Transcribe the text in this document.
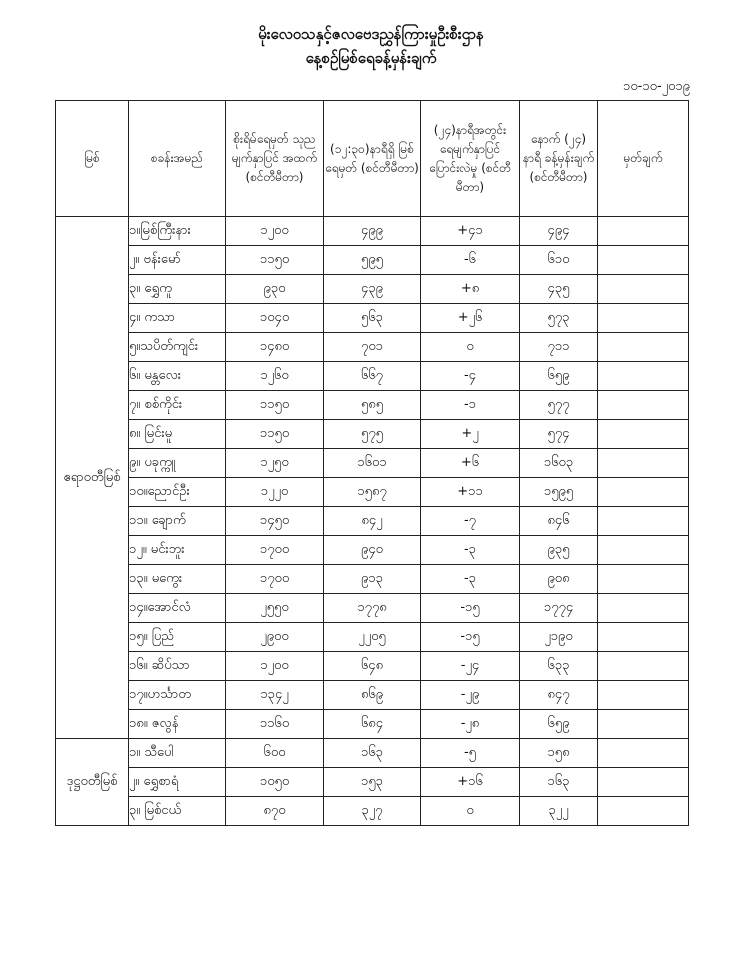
မိုးလေဝသနှင့်ဇလဗေဒညွှန်ကြားမှုဦးစီးဌာန
နေ့စဉ်မြစ်ရေခန့်မှန်းချက်
၁၀-၁၀-၂၀၁၉
မြစ်	စခန်းအမည်	စိုးရိမ်ရေမှတ် သုညမျက်နှာပြင် အထက် (စင်တီမီတာ)	(၁၂:၃၀)နာရီရှိ မြစ်ရေမှတ် (စင်တီမီတာ)	(၂၄)နာရီအတွင်း ရေမျက်နှာပြင် ပြောင်းလဲမှု (စင်တီမီတာ)	နောက် (၂၄) နာရီ ခန့်မှန်းချက် (စင်တီမီတာ)	မှတ်ချက်
ဧရာဝတီမြစ်	၁။မြစ်ကြီးနား	၁၂၀၀	၄၉၉	+၄၁	၄၉၄	
	၂။ ဗန်းမော်	၁၁၅၀	၅၉၅	-၆	၆၁၀	
	၃။ ရွှေကူ	၉၃၀	၄၃၉	+၈	၄၃၅	
	၄။ ကသာ	၁၀၄၀	၅၆၃	+၂၆	၅၇၃	
	၅။သပိတ်ကျင်း	၁၄၈၀	၇၀၁	၀	၇၁၁	
	၆။ မန္တလေး	၁၂၆၀	၆၆၇	-၄	၆၅၉	
	၇။ စစ်ကိုင်း	၁၁၅၀	၅၈၅	-၁	၅၇၇	
	၈။ မြင်းမူ	၁၁၅၀	၅၇၅	+၂	၅၇၄	
	၉။ ပခုက္ကူ	၁၂၅၀	၁၆၀၁	+၆	၁၆၀၃	
	၁၀။ညောင်ဦး	၁၂၂၀	၁၅၈၇	+၁၁	၁၅၉၅	
	၁၁။ ချောက်	၁၄၅၀	၈၄၂	-၇	၈၄၆	
	၁၂။ မင်းဘူး	၁၇၀၀	၉၄၀	-၃	၉၃၅	
	၁၃။ မကွေး	၁၇၀၀	၉၁၃	-၃	၉၀၈	
	၁၄။အောင်လံ	၂၅၅၀	၁၇၇၈	-၁၅	၁၇၇၄	
	၁၅။ ပြည်	၂၉၀၀	၂၂၀၅	-၁၅	၂၁၉၀	
	၁၆။ ဆိပ်သာ	၁၂၀၀	၆၄၈	-၂၄	၆၃၃	
	၁၇။ဟင်္သာတ	၁၃၄၂	၈၆၉	-၂၉	၈၄၇	
	၁၈။ ဇလွန်	၁၁၆၀	၆၈၄	-၂၈	၆၅၉	
ဒုဋ္ဌဝတီမြစ်	၁။ သီပေါ	၆၀၀	၁၆၃	-၅	၁၅၈	
	၂။ ရွှေစာရံ	၁၀၅၀	၁၅၃	+၁၆	၁၆၃	
	၃။ မြစ်ငယ်	၈၇၀	၃၂၇	၀	၃၂၂	
